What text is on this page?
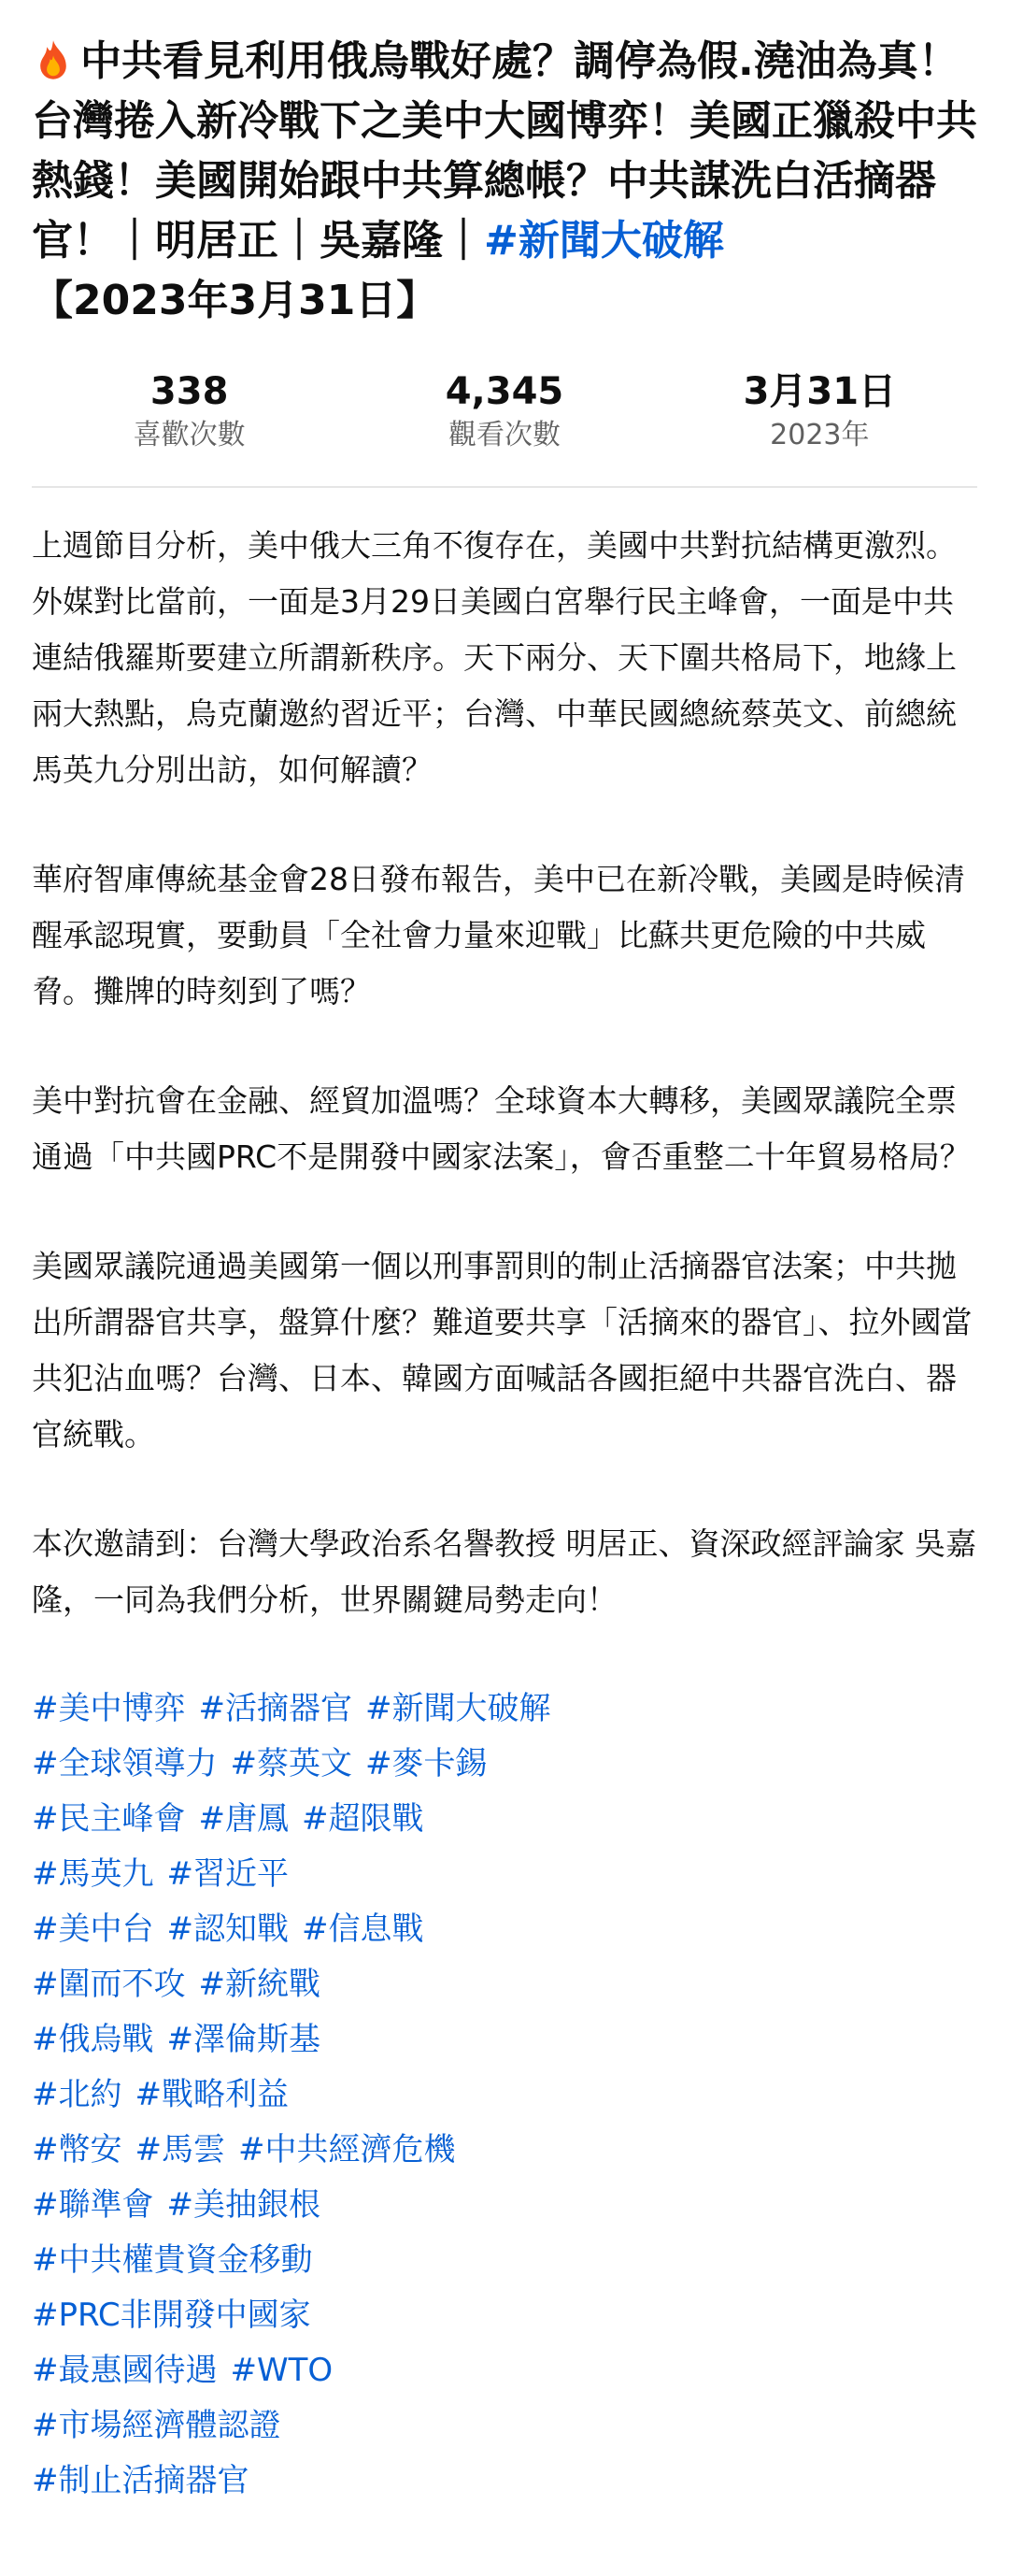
中共看見利用俄烏戰好處？調停為假.澆油為真！台灣捲入新冷戰下之美中大國博弈！美國正獵殺中共熱錢！美國開始跟中共算總帳？中共謀洗白活摘器官！｜明居正｜吳嘉隆｜#新聞大破解
【2023年3月31日】
338
喜歡次數
4,345
觀看次數
3月31日
2023年

上週節目分析，美中俄大三角不復存在，美國中共對抗結構更激烈。外媒對比當前，一面是3月29日美國白宮舉行民主峰會，一面是中共連結俄羅斯要建立所謂新秩序。天下兩分、天下圍共格局下，地緣上兩大熱點，烏克蘭邀約習近平；台灣、中華民國總統蔡英文、前總統馬英九分別出訪，如何解讀？

華府智庫傳統基金會28日發布報告，美中已在新冷戰，美國是時候清醒承認現實，要動員「全社會力量來迎戰」比蘇共更危險的中共威脅。攤牌的時刻到了嗎？

美中對抗會在金融、經貿加溫嗎？全球資本大轉移，美國眾議院全票通過「中共國PRC不是開發中國家法案」，會否重整二十年貿易格局？

美國眾議院通過美國第一個以刑事罰則的制止活摘器官法案；中共拋出所謂器官共享，盤算什麼？難道要共享「活摘來的器官」、拉外國當共犯沾血嗎？台灣、日本、韓國方面喊話各國拒絕中共器官洗白、器官統戰。

本次邀請到：台灣大學政治系名譽教授 明居正、資深政經評論家 吳嘉隆，一同為我們分析，世界關鍵局勢走向！

#美中博弈 #活摘器官 #新聞大破解
#全球領導力 #蔡英文 #麥卡錫
#民主峰會 #唐鳳 #超限戰
#馬英九 #習近平
#美中台 #認知戰 #信息戰
#圍而不攻 #新統戰
#俄烏戰 #澤倫斯基
#北約 #戰略利益
#幣安 #馬雲 #中共經濟危機
#聯準會 #美抽銀根
#中共權貴資金移動
#PRC非開發中國家
#最惠國待遇 #WTO
#市場經濟體認證
#制止活摘器官
